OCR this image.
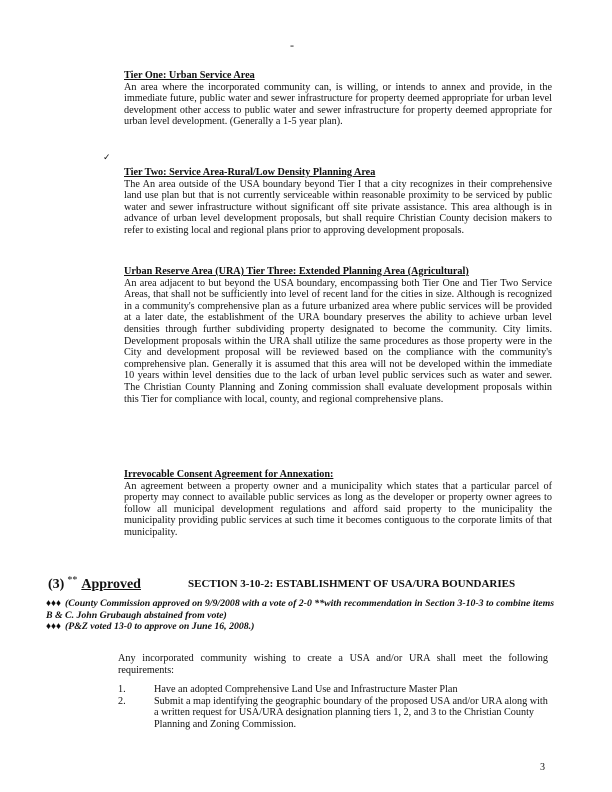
-
Tier One: Urban Service Area
An area where the incorporated community can, is willing, or intends to annex and provide, in the immediate future, public water and sewer infrastructure for property deemed appropriate for urban level development other access to public water and sewer infrastructure for property deemed appropriate for urban level development. (Generally a 1-5 year plan).
✓
Tier Two: Service Area-Rural/Low Density Planning Area
The An area outside of the USA boundary beyond Tier I that a city recognizes in their comprehensive land use plan but that is not currently serviceable within reasonable proximity to be serviced by public water and sewer infrastructure without significant off site private assistance. This area although is in advance of urban level development proposals, but shall require Christian County decision makers to refer to existing local and regional plans prior to approving development proposals.
Urban Reserve Area (URA) Tier Three: Extended Planning Area (Agricultural)
An area adjacent to but beyond the USA boundary, encompassing both Tier One and Tier Two Service Areas, that shall not be sufficiently into level of recent land for the cities in size. Although is recognized in a community's comprehensive plan as a future urbanized area where public services will be provided at a later date, the establishment of the URA boundary preserves the ability to achieve urban level densities through further subdividing property designated to become the community. City limits. Development proposals within the URA shall utilize the same procedures as those property were in the City and development proposal will be reviewed based on the compliance with the community's comprehensive plan. Generally it is assumed that this area will not be developed within the immediate 10 years within level densities due to the lack of urban level public services such as water and sewer. The Christian County Planning and Zoning commission shall evaluate development proposals within this Tier for compliance with local, county, and regional comprehensive plans.
Irrevocable Consent Agreement for Annexation:
An agreement between a property owner and a municipality which states that a particular parcel of property may connect to available public services as long as the developer or property owner agrees to follow all municipal development regulations and afford said property to the municipality the municipality providing public services at such time it becomes contiguous to the corporate limits of that municipality.
(3) ** Approved	SECTION 3-10-2: ESTABLISHMENT OF USA/URA BOUNDARIES
♦♦♦ (County Commission approved on 9/9/2008 with a vote of 2-0 **with recommendation in Section 3-10-3 to combine items B & C. John Grubaugh abstained from vote)
♦♦♦ (P&Z voted 13-0 to approve on June 16, 2008.)
Any incorporated community wishing to create a USA and/or URA shall meet the following requirements:
1.	Have an adopted Comprehensive Land Use and Infrastructure Master Plan
2.	Submit a map identifying the geographic boundary of the proposed USA and/or URA along with a written request for USA/URA designation planning tiers 1, 2, and 3 to the Christian County Planning and Zoning Commission.
3
